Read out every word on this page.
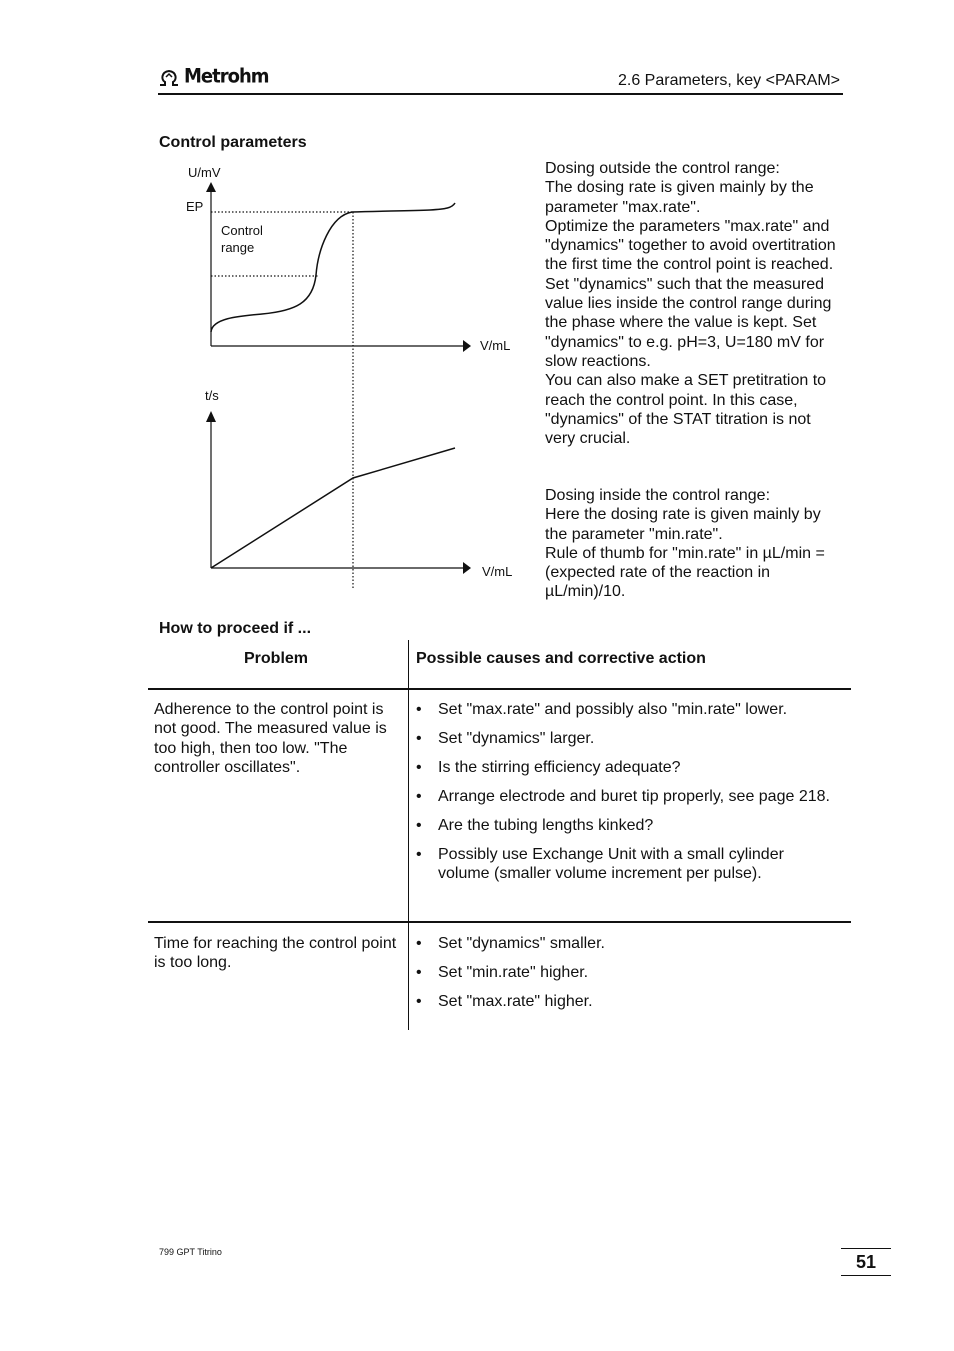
Metrohm	2.6 Parameters, key <PARAM>
Control parameters
U/mV
EP
Control
range
V/mL
t/s
V/mL

Dosing outside the control range:

The dosing rate is given mainly by the parameter "max.rate".

Optimize the parameters "max.rate" and "dynamics" together to avoid overtitration the first time the control point is reached.

Set "dynamics" such that the measured value lies inside the control range during the phase where the value is kept. Set "dynamics" to e.g. pH=3, U=180 mV for slow reactions.

You can also make a SET pretitration to reach the control point. In this case, "dynamics" of the STAT titration is not very crucial.

Dosing inside the control range:

Here the dosing rate is given mainly by the parameter "min.rate".

Rule of thumb for "min.rate" in µL/min = (expected rate of the reaction in µL/min)/10.

How to proceed if ...
Problem	Possible causes and corrective action
Adherence to the control point is not good. The measured value is too high, then too low. "The controller oscillates".
• Set "max.rate" and possibly also "min.rate" lower.
• Set "dynamics" larger.
• Is the stirring efficiency adequate?
• Arrange electrode and buret tip properly, see page 218.
• Are the tubing lengths kinked?
• Possibly use Exchange Unit with a small cylinder volume (smaller volume increment per pulse).
Time for reaching the control point is too long.
• Set "dynamics" smaller.
• Set "min.rate" higher.
• Set "max.rate" higher.
799 GPT Titrino	51
